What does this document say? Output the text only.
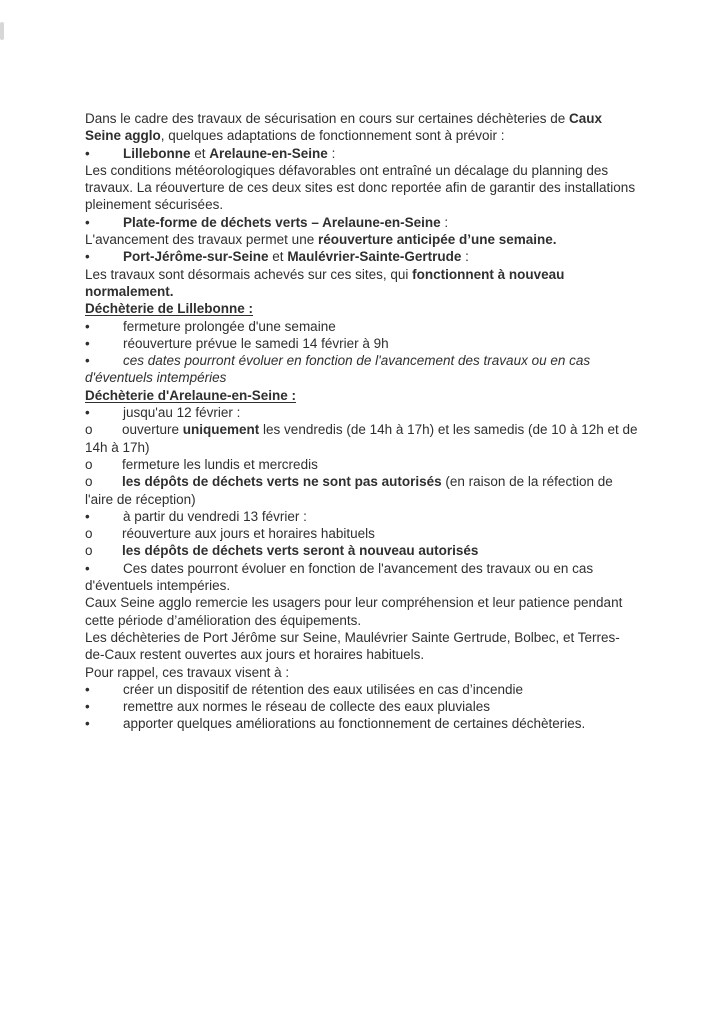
Dans le cadre des travaux de sécurisation en cours sur certaines déchèteries de Caux Seine agglo, quelques adaptations de fonctionnement sont à prévoir :

• Lillebonne et Arelaune-en-Seine :

Les conditions météorologiques défavorables ont entraîné un décalage du planning des travaux. La réouverture de ces deux sites est donc reportée afin de garantir des installations pleinement sécurisées.

• Plate-forme de déchets verts – Arelaune-en-Seine :

L'avancement des travaux permet une réouverture anticipée d’une semaine.

• Port-Jérôme-sur-Seine et Maulévrier-Sainte-Gertrude :

Les travaux sont désormais achevés sur ces sites, qui fonctionnent à nouveau normalement.

Déchèterie de Lillebonne :

• fermeture prolongée d'une semaine
• réouverture prévue le samedi 14 février à 9h
• ces dates pourront évoluer en fonction de l'avancement des travaux ou en cas d'éventuels intempéries

Déchèterie d'Arelaune-en-Seine :

• jusqu'au 12 février :
o ouverture uniquement les vendredis (de 14h à 17h) et les samedis (de 10 à 12h et de 14h à 17h)
o fermeture les lundis et mercredis
o les dépôts de déchets verts ne sont pas autorisés (en raison de la réfection de l'aire de réception)
• à partir du vendredi 13 février :
o réouverture aux jours et horaires habituels
o les dépôts de déchets verts seront à nouveau autorisés
• Ces dates pourront évoluer en fonction de l'avancement des travaux ou en cas d'éventuels intempéries.

Caux Seine agglo remercie les usagers pour leur compréhension et leur patience pendant cette période d’amélioration des équipements.

Les déchèteries de Port Jérôme sur Seine, Maulévrier Sainte Gertrude, Bolbec, et Terres-de-Caux restent ouvertes aux jours et horaires habituels.

Pour rappel, ces travaux visent à :

• créer un dispositif de rétention des eaux utilisées en cas d’incendie
• remettre aux normes le réseau de collecte des eaux pluviales
• apporter quelques améliorations au fonctionnement de certaines déchèteries.
